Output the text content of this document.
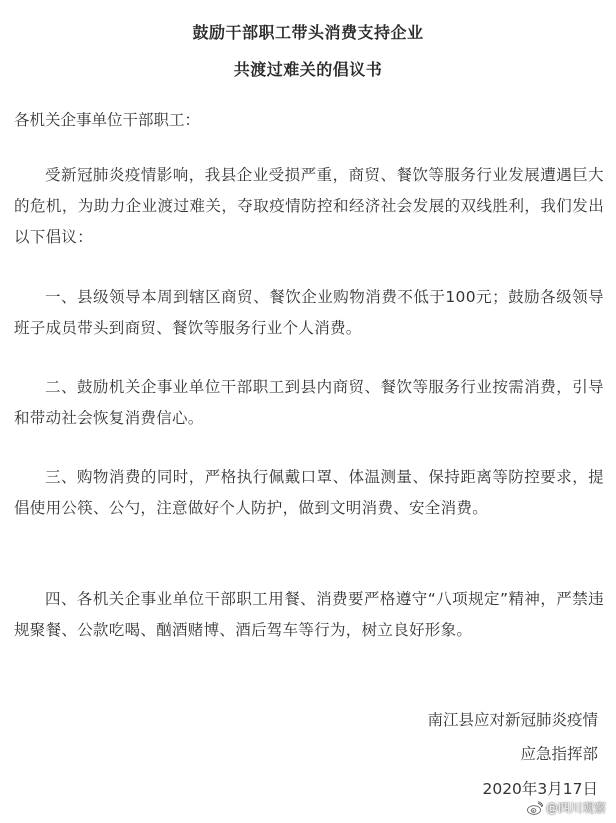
鼓励干部职工带头消费支持企业
共渡过难关的倡议书
各机关企事单位干部职工：
受新冠肺炎疫情影响，我县企业受损严重，商贸、餐饮等服务行业发展遭遇巨大的危机，为助力企业渡过难关，夺取疫情防控和经济社会发展的双线胜利，我们发出以下倡议：
一、县级领导本周到辖区商贸、餐饮企业购物消费不低于100元；鼓励各级领导班子成员带头到商贸、餐饮等服务行业个人消费。
二、鼓励机关企事业单位干部职工到县内商贸、餐饮等服务行业按需消费，引导和带动社会恢复消费信心。
三、购物消费的同时，严格执行佩戴口罩、体温测量、保持距离等防控要求，提倡使用公筷、公勺，注意做好个人防护，做到文明消费、安全消费。
四、各机关企事业单位干部职工用餐、消费要严格遵守“八项规定”精神，严禁违规聚餐、公款吃喝、酗酒赌博、酒后驾车等行为，树立良好形象。
南江县应对新冠肺炎疫情
应急指挥部
2020年3月17日
@四川观察
